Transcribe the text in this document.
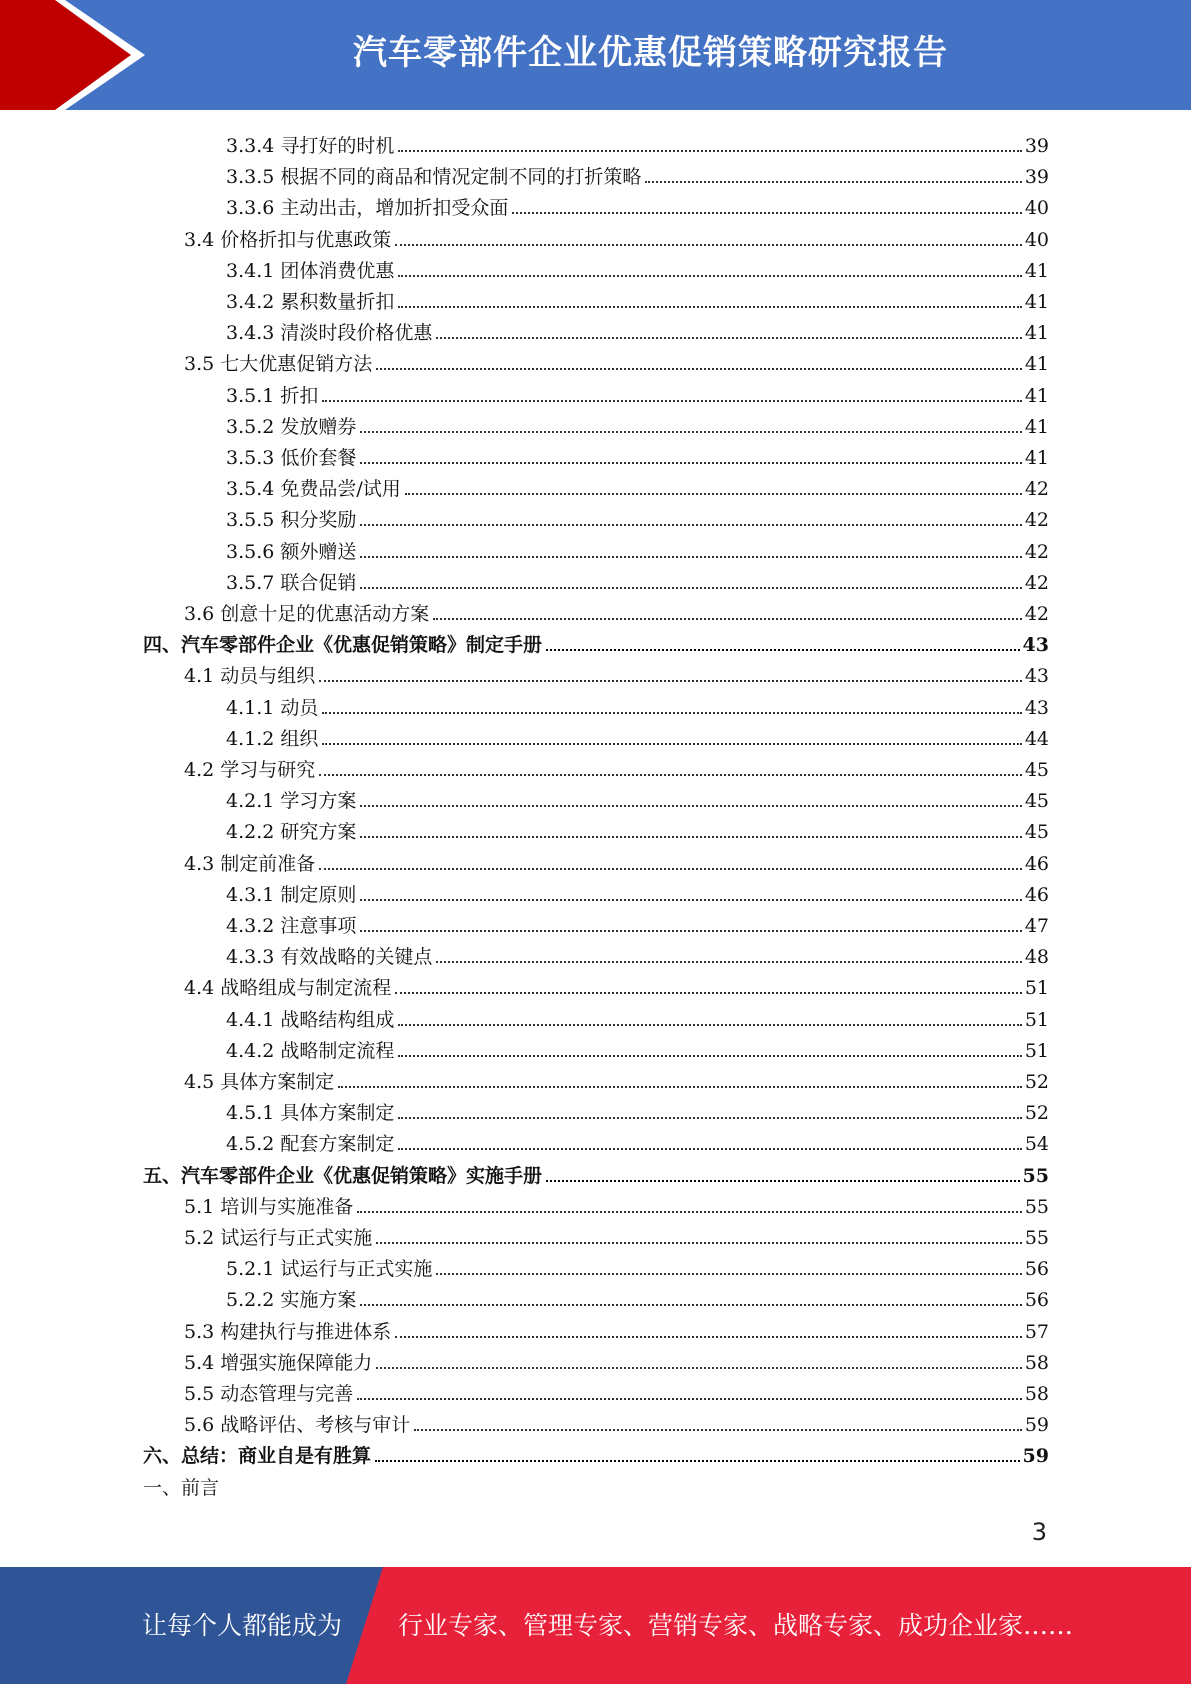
汽车零部件企业优惠促销策略研究报告
3.3.4 寻打好的时机	39
3.3.5 根据不同的商品和情况定制不同的打折策略	39
3.3.6 主动出击，增加折扣受众面	40
3.4 价格折扣与优惠政策	40
3.4.1 团体消费优惠	41
3.4.2 累积数量折扣	41
3.4.3 清淡时段价格优惠	41
3.5 七大优惠促销方法	41
3.5.1 折扣	41
3.5.2 发放赠券	41
3.5.3 低价套餐	41
3.5.4 免费品尝/试用	42
3.5.5 积分奖励	42
3.5.6 额外赠送	42
3.5.7 联合促销	42
3.6 创意十足的优惠活动方案	42
四、汽车零部件企业《优惠促销策略》制定手册	43
4.1 动员与组织	43
4.1.1 动员	43
4.1.2 组织	44
4.2 学习与研究	45
4.2.1 学习方案	45
4.2.2 研究方案	45
4.3 制定前准备	46
4.3.1 制定原则	46
4.3.2 注意事项	47
4.3.3 有效战略的关键点	48
4.4 战略组成与制定流程	51
4.4.1 战略结构组成	51
4.4.2 战略制定流程	51
4.5 具体方案制定	52
4.5.1 具体方案制定	52
4.5.2 配套方案制定	54
五、汽车零部件企业《优惠促销策略》实施手册	55
5.1 培训与实施准备	55
5.2 试运行与正式实施	55
5.2.1 试运行与正式实施	56
5.2.2 实施方案	56
5.3 构建执行与推进体系	57
5.4 增强实施保障能力	58
5.5 动态管理与完善	58
5.6 战略评估、考核与审计	59
六、总结：商业自是有胜算	59
一、前言
3
让每个人都能成为 行业专家、管理专家、营销专家、战略专家、成功企业家……
